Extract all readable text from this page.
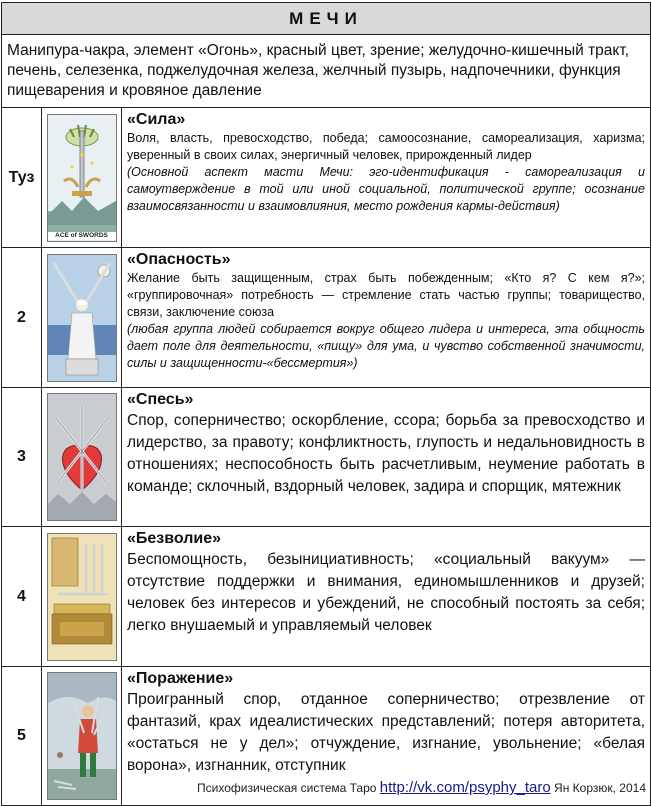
МЕЧИ		
Манипура-чакра, элемент «Огонь», красный цвет, зрение; желудочно-кишечный тракт, печень, селезенка, поджелудочная железа, желчный пузырь, надпочечники, функция пищеварения и кровяное давление		
Туз	ACE of SWORDS	«Сила»
Воля, власть, превосходство, победа; самоосознание, самореализация, харизма; уверенный в своих силах, энергичный человек, прирожденный лидер
(Основной аспект масти Мечи: эго-идентификация - самореализация и самоутверждение в той или иной социальной, политической группе; осознание взаимосвязанности и взаимовлияния, место рождения кармы-действия)

2		«Опасность»
Желание быть защищенным, страх быть побежденным; «Кто я? С кем я?»; «группировочная» потребность — стремление стать частью группы; товарищество, связи, заключение союза
(любая группа людей собирается вокруг общего лидера и интереса, эта общность дает поле для деятельности, «пищу» для ума, и чувство собственной значимости, силы и защищенности-«бессмертия»)

3		«Спесь»
Спор, соперничество; оскорбление, ссора; борьба за превосходство и лидерство, за правоту; конфликтность, глупость и недальновидность в отношениях; неспособность быть расчетливым, неумение работать в команде; склочный, вздорный человек, задира и спорщик, мятежник

4		«Безволие»
Беспомощность, безынициативность; «социальный вакуум» — отсутствие поддержки и внимания, единомышленников и друзей; человек без интересов и убеждений, не способный постоять за себя; легко внушаемый и управляемый человек

5		«Поражение»
Проигранный спор, отданное соперничество; отрезвление от фантазий, крах идеалистических представлений; потеря авторитета, «остаться не у дел»; отчуждение, изгнание, увольнение; «белая ворона», изгнанник, отступник
Психофизическая система Таро http://vk.com/psyphy_taro Ян Корзюк, 2014
